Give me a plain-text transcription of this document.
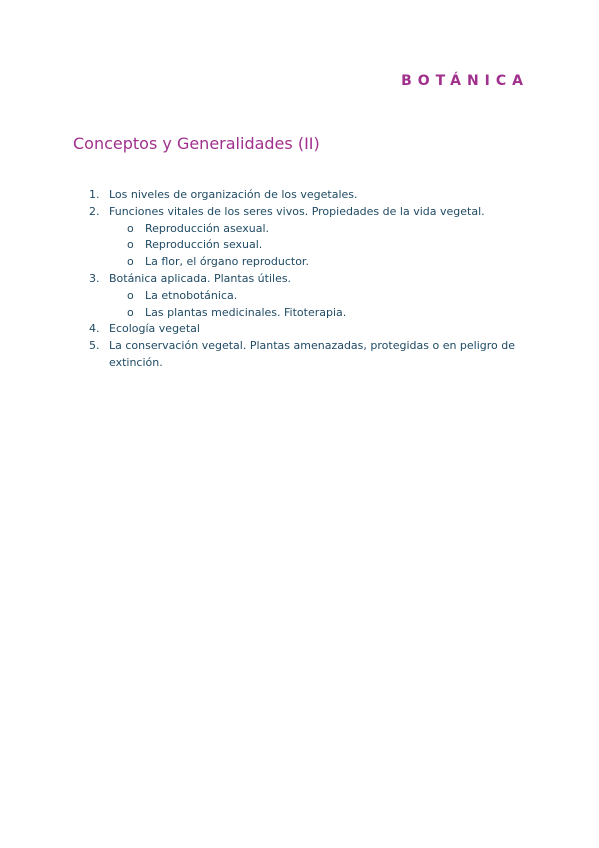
BOTÁNICA
Conceptos y Generalidades (II)
1. Los niveles de organización de los vegetales.
2. Funciones vitales de los seres vivos. Propiedades de la vida vegetal.
o Reproducción asexual.
o Reproducción sexual.
o La flor, el órgano reproductor.
3. Botánica aplicada. Plantas útiles.
o La etnobotánica.
o Las plantas medicinales. Fitoterapia.
4. Ecología vegetal
5. La conservación vegetal. Plantas amenazadas, protegidas o en peligro de extinción.
